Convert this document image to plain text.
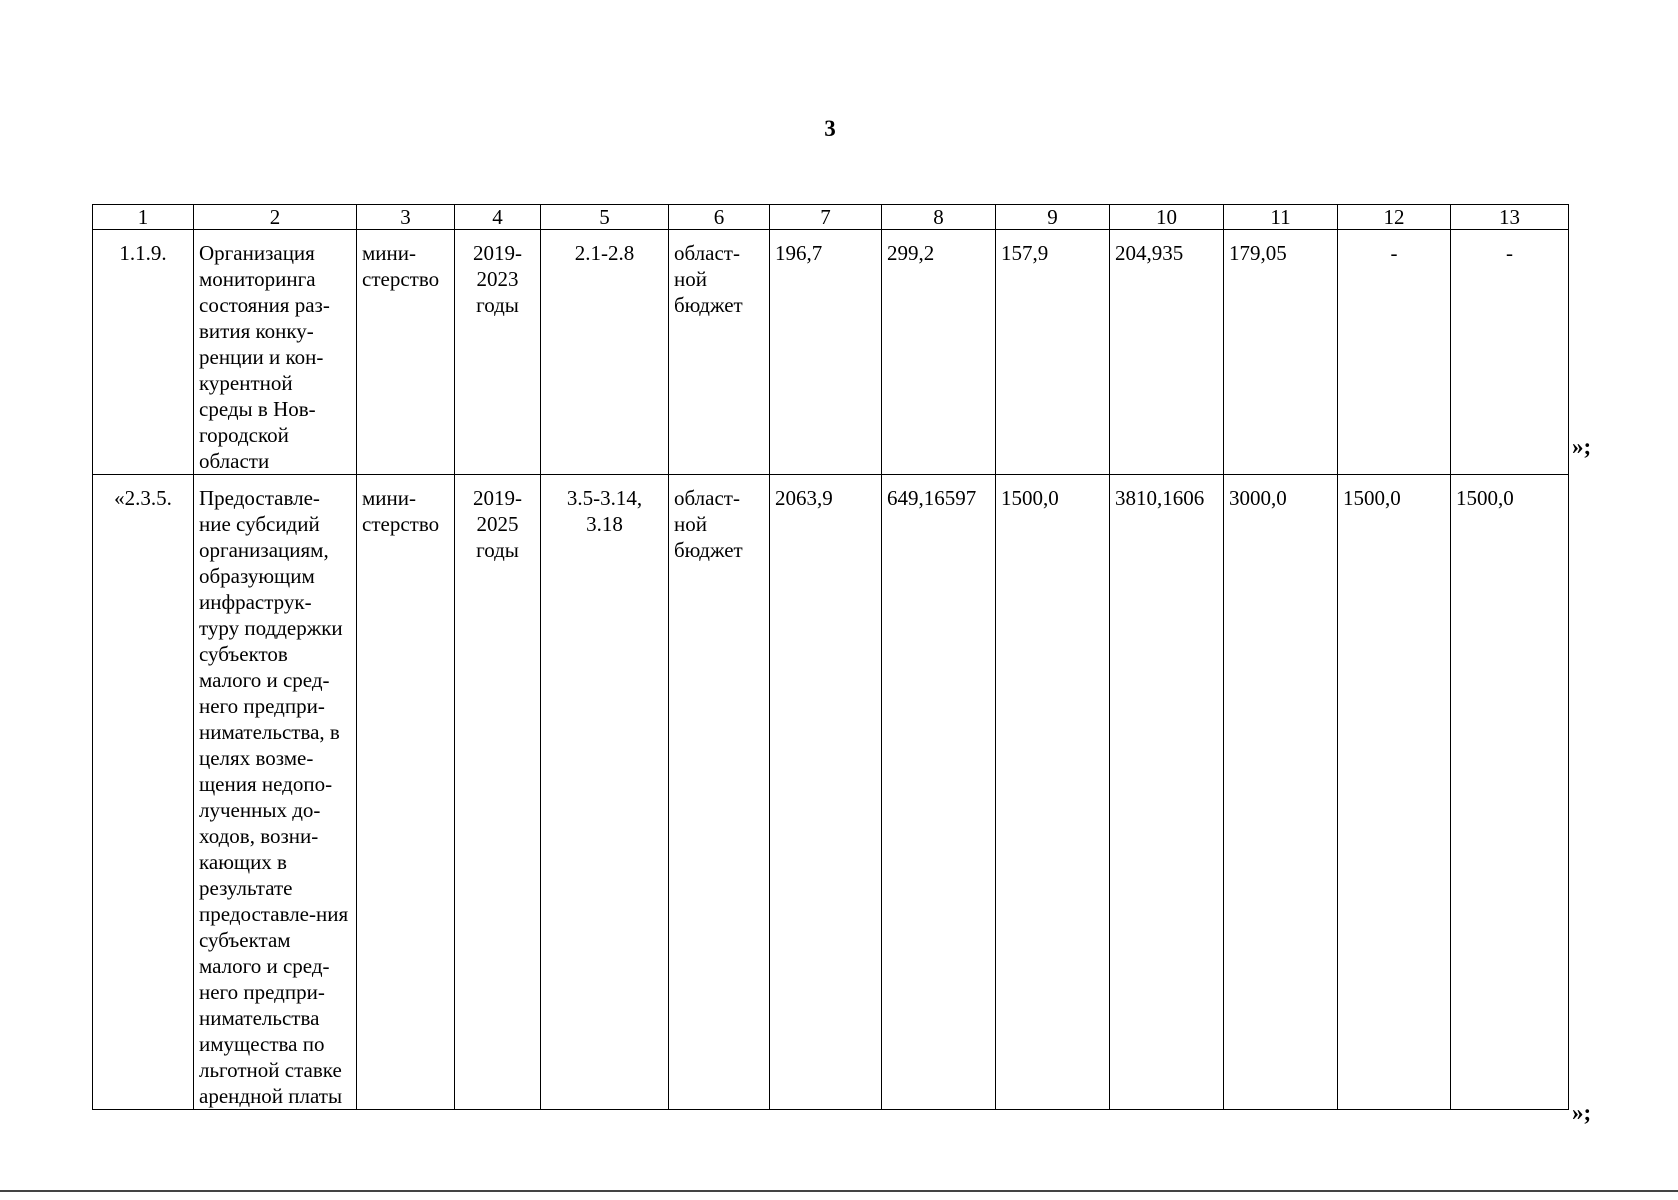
3
1	2	3	4	5	6	7	8	9	10	11	12	13
1.1.9.	Организация мониторинга состояния раз-вития конку-ренции и кон-курентной среды в Нов-городской области	мини-стерство	2019-2023 годы	2.1-2.8	област-ной бюджет	196,7	299,2	157,9	204,935	179,05	-	-
«2.3.5.	Предоставле-ние субсидий организациям, образующим инфраструк-туру поддержки субъектов малого и сред-него предпри-нимательства, в целях возме-щения недопо-лученных до-ходов, возни-кающих в результате предоставле-ния субъектам малого и сред-него предпри-нимательства имущества по льготной ставке арендной платы	мини-стерство	2019-2025 годы	3.5-3.14, 3.18	област-ной бюджет	2063,9	649,16597	1500,0	3810,1606	3000,0	1500,0	1500,0
»;
»;
